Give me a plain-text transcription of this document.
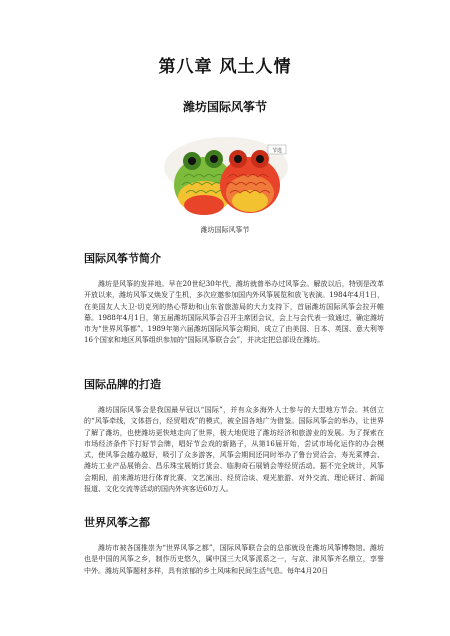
第八章 风土人情
潍坊国际风筝节
节选
潍坊国际风筝节
国际风筝节简介

潍坊是风筝的发祥地。早在20世纪30年代，潍坊就曾举办过风筝会。解放以后，特别是改革开放以来，潍坊风筝又焕发了生机，多次应邀参加国内外风筝展览和放飞表演。1984年4月1日，在美国友人大卫·切克列的热心帮助和山东省旅游局的大力支持下，首届潍坊国际风筝会拉开帷幕。1988年4月1日，第五届潍坊国际风筝会召开主席团会议，会上与会代表一致通过，确定潍坊市为“世界风筝都”。1989年第六届潍坊国际风筝会期间，成立了由美国、日本、英国、意大利等16个国家和地区风筝组织参加的“国际风筝联合会”，并决定把总部设在潍坊。

国际品牌的打造

潍坊国际风筝会是我国最早冠以“国际”，并有众多海外人士参与的大型地方节会。其创立的“风筝牵线，文体搭台，经贸唱戏”的模式，被全国各地广为借鉴。国际风筝会的举办，让世界了解了潍坊，也使潍坊更快地走向了世界，极大地促进了潍坊经济和旅游业的发展。为了探索在市场经济条件下打好节会牌，唱好节会戏的新路子，从第16届开始，尝试市场化运作的办会模式，使风筝会越办越好，吸引了众多游客，风筝会期间还同时举办了鲁台贸洽会、寿光菜博会、潍坊工业产品展销会、昌乐珠宝展销订货会、临朐奇石展销会等经贸活动。据不完全统计，风筝会期间，前来潍坊进行体育比赛、文艺演出、经贸洽谈、观光旅游、对外交流、理论研讨、新闻报道、文化交流等活动的国内外宾客近60万人。

世界风筝之都

潍坊市被各国推崇为“世界风筝之都”，国际风筝联合会的总部就设在潍坊风筝博物馆。潍坊也是中国的风筝之乡，制作历史悠久，属中国三大风筝派系之一，与京、津风筝齐名鼎立，享誉中外。潍坊风筝题材多样，具有浓郁的乡土风味和民间生活气息。每年4月20日
